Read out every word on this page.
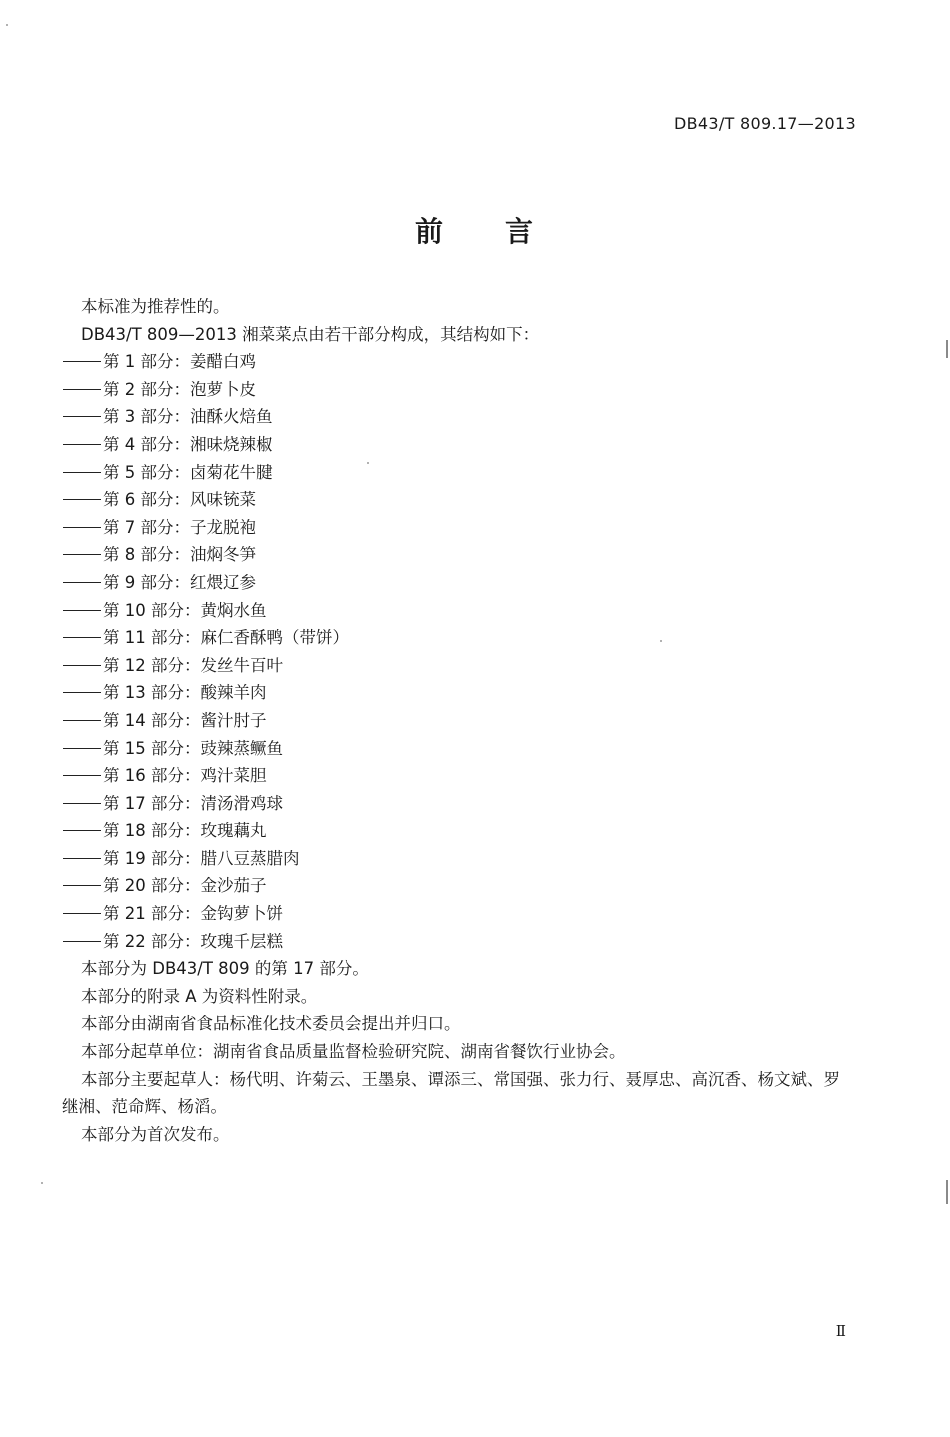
DB43/T 809.17—2013
前　　言
本标准为推荐性的。
DB43/T 809—2013 湘菜菜点由若干部分构成，其结构如下：
第 1 部分：姜醋白鸡
第 2 部分：泡萝卜皮
第 3 部分：油酥火焙鱼
第 4 部分：湘味烧辣椒
第 5 部分：卤菊花牛腱
第 6 部分：风味铳菜
第 7 部分：子龙脱袍
第 8 部分：油焖冬笋
第 9 部分：红煨辽参
第 10 部分：黄焖水鱼
第 11 部分：麻仁香酥鸭（带饼）
第 12 部分：发丝牛百叶
第 13 部分：酸辣羊肉
第 14 部分：酱汁肘子
第 15 部分：豉辣蒸鳜鱼
第 16 部分：鸡汁菜胆
第 17 部分：清汤滑鸡球
第 18 部分：玫瑰藕丸
第 19 部分：腊八豆蒸腊肉
第 20 部分：金沙茄子
第 21 部分：金钩萝卜饼
第 22 部分：玫瑰千层糕
本部分为 DB43/T 809 的第 17 部分。
本部分的附录 A 为资料性附录。
本部分由湖南省食品标准化技术委员会提出并归口。
本部分起草单位：湖南省食品质量监督检验研究院、湖南省餐饮行业协会。
本部分主要起草人：杨代明、许菊云、王墨泉、谭添三、常国强、张力行、聂厚忠、高沉香、杨文斌、罗继湘、范命辉、杨滔。
本部分为首次发布。
Ⅱ
